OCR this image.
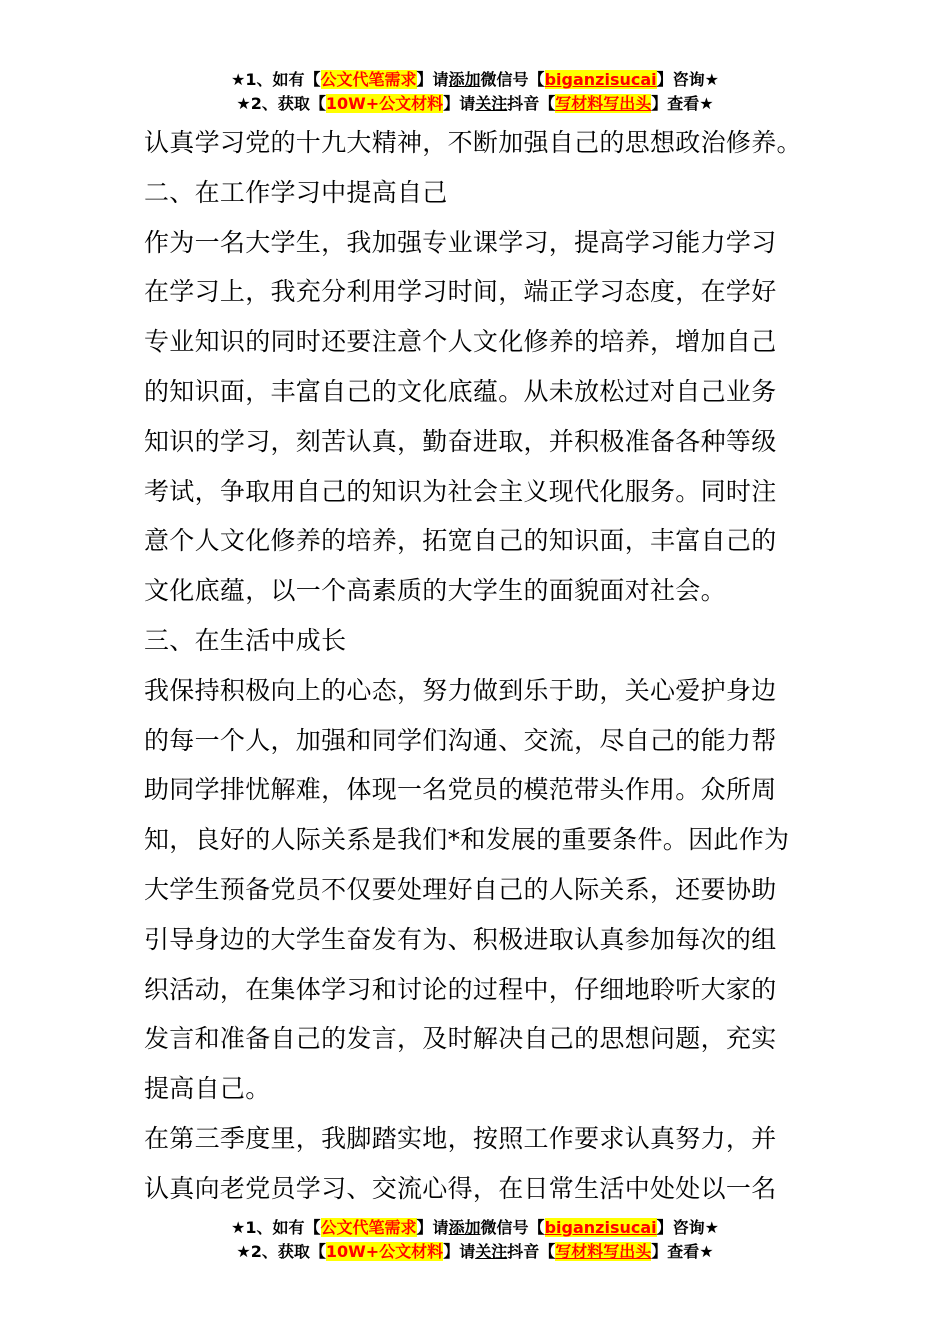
★1、如有【公文代笔需求】请添加微信号【biganzisucai】咨询★
★2、获取【10W+公文材料】请关注抖音【写材料写出头】查看★
认真学习党的十九大精神，不断加强自己的思想政治修养。
二、在工作学习中提高自己
作为一名大学生，我加强专业课学习，提高学习能力学习
在学习上，我充分利用学习时间，端正学习态度，在学好
专业知识的同时还要注意个人文化修养的培养，增加自己
的知识面，丰富自己的文化底蕴。从未放松过对自己业务
知识的学习，刻苦认真，勤奋进取，并积极准备各种等级
考试，争取用自己的知识为社会主义现代化服务。同时注
意个人文化修养的培养，拓宽自己的知识面，丰富自己的
文化底蕴，以一个高素质的大学生的面貌面对社会。
三、在生活中成长
我保持积极向上的心态，努力做到乐于助，关心爱护身边
的每一个人，加强和同学们沟通、交流，尽自己的能力帮
助同学排忧解难，体现一名党员的模范带头作用。众所周
知，良好的人际关系是我们*和发展的重要条件。因此作为
大学生预备党员不仅要处理好自己的人际关系，还要协助
引导身边的大学生奋发有为、积极进取认真参加每次的组
织活动，在集体学习和讨论的过程中，仔细地聆听大家的
发言和准备自己的发言，及时解决自己的思想问题，充实
提高自己。
在第三季度里，我脚踏实地，按照工作要求认真努力，并
认真向老党员学习、交流心得，在日常生活中处处以一名
★1、如有【公文代笔需求】请添加微信号【biganzisucai】咨询★
★2、获取【10W+公文材料】请关注抖音【写材料写出头】查看★
